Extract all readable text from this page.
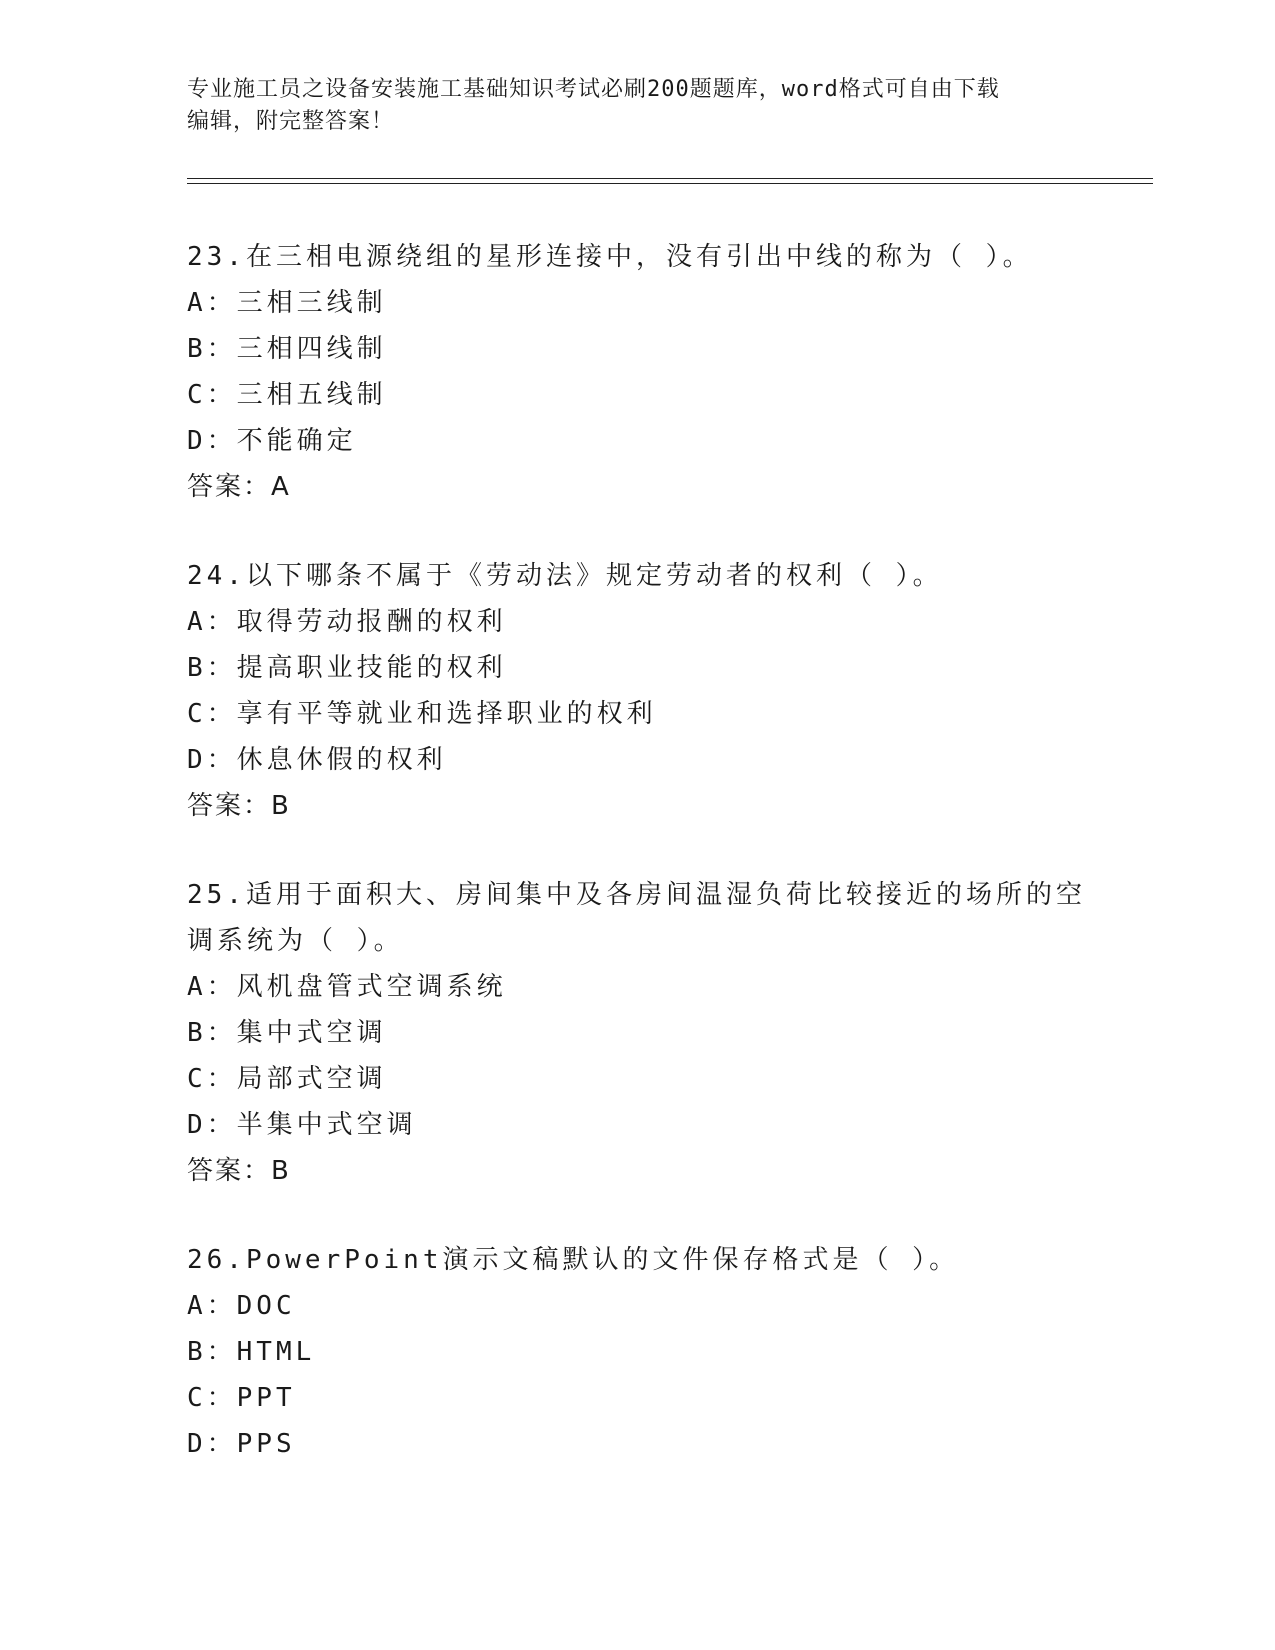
专业施工员之设备安装施工基础知识考试必刷200题题库，word格式可自由下载
编辑，附完整答案！

23.在三相电源绕组的星形连接中，没有引出中线的称为（ ）。

A：三相三线制

B：三相四线制

C：三相五线制

D：不能确定

答案：A

24.以下哪条不属于《劳动法》规定劳动者的权利（ ）。

A：取得劳动报酬的权利

B：提高职业技能的权利

C：享有平等就业和选择职业的权利

D：休息休假的权利

答案：B

25.适用于面积大、房间集中及各房间温湿负荷比较接近的场所的空调系统为（ ）。

A：风机盘管式空调系统

B：集中式空调

C：局部式空调

D：半集中式空调

答案：B

26.PowerPoint演示文稿默认的文件保存格式是（ ）。

A：DOC

B：HTML

C：PPT

D：PPS
